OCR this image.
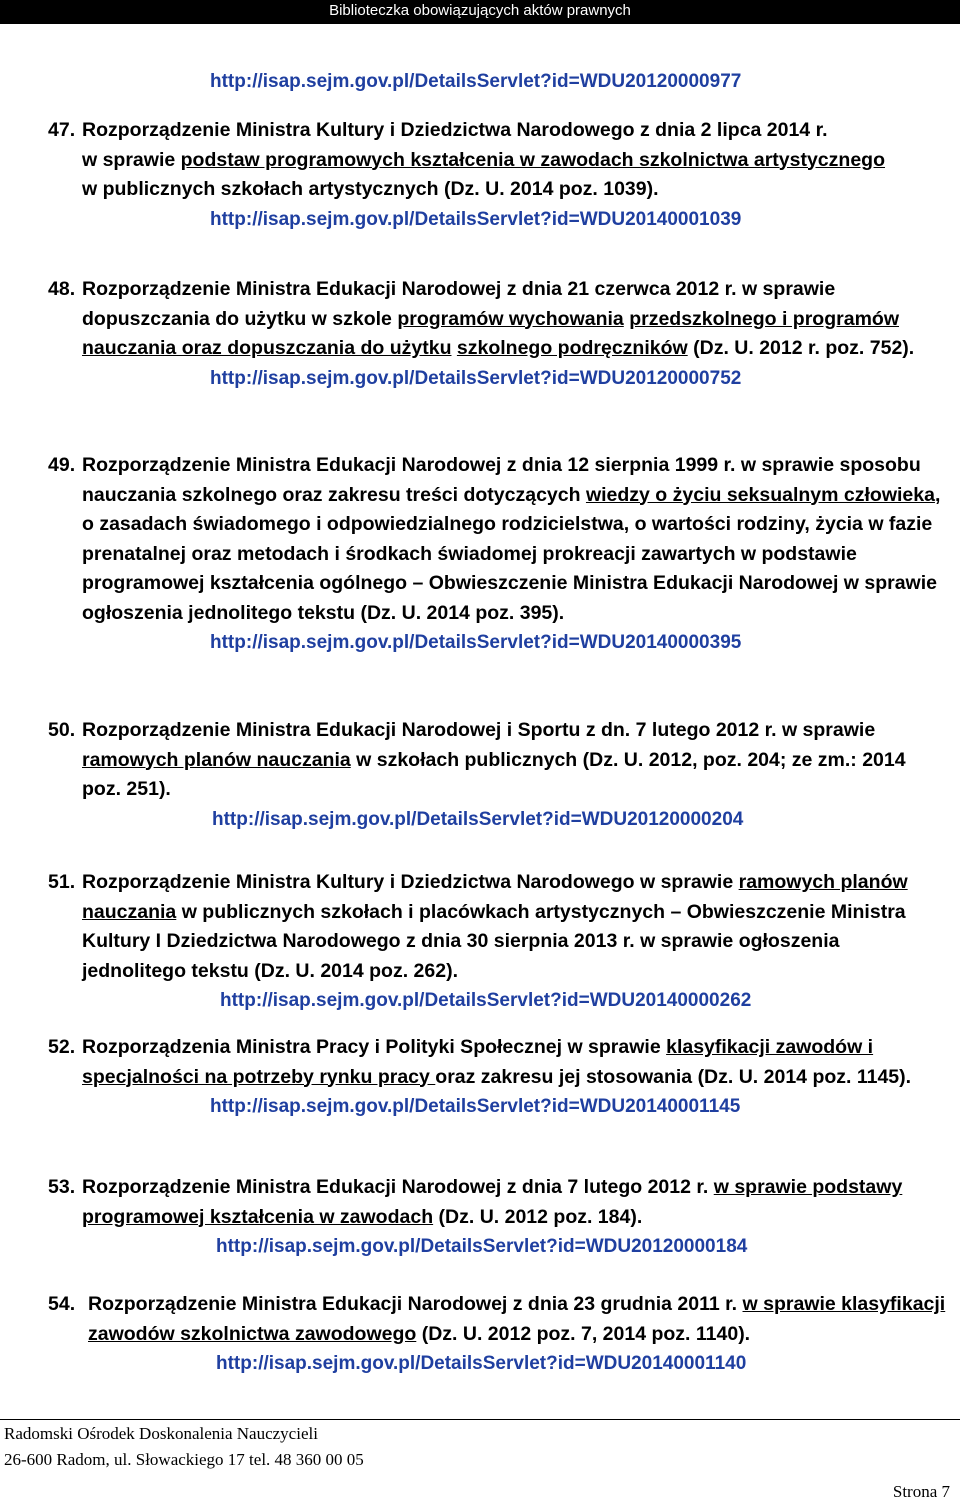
Biblioteczka obowiązujących aktów prawnych
http://isap.sejm.gov.pl/DetailsServlet?id=WDU20120000977
47. Rozporządzenie Ministra Kultury i Dziedzictwa Narodowego z dnia 2 lipca 2014 r.
w sprawie podstaw programowych kształcenia w zawodach szkolnictwa artystycznego
w publicznych szkołach artystycznych (Dz. U. 2014 poz. 1039).
http://isap.sejm.gov.pl/DetailsServlet?id=WDU20140001039
48. Rozporządzenie Ministra Edukacji Narodowej z dnia 21 czerwca 2012 r. w sprawie dopuszczania do użytku w szkole programów wychowania przedszkolnego i programów nauczania oraz dopuszczania do użytku szkolnego podręczników (Dz. U. 2012 r. poz. 752).
http://isap.sejm.gov.pl/DetailsServlet?id=WDU20120000752
49. Rozporządzenie Ministra Edukacji Narodowej z dnia 12 sierpnia 1999 r. w sprawie sposobu nauczania szkolnego oraz zakresu treści dotyczących wiedzy o życiu seksualnym człowieka, o zasadach świadomego i odpowiedzialnego rodzicielstwa, o wartości rodziny, życia w fazie prenatalnej oraz metodach i środkach świadomej prokreacji zawartych w podstawie programowej kształcenia ogólnego – Obwieszczenie Ministra Edukacji Narodowej w sprawie ogłoszenia jednolitego tekstu (Dz. U. 2014 poz. 395).
http://isap.sejm.gov.pl/DetailsServlet?id=WDU20140000395
50. Rozporządzenie Ministra Edukacji Narodowej i Sportu z dn. 7 lutego 2012 r. w sprawie ramowych planów nauczania w szkołach publicznych (Dz. U. 2012, poz. 204; ze zm.: 2014 poz. 251).
http://isap.sejm.gov.pl/DetailsServlet?id=WDU20120000204
51. Rozporządzenie Ministra Kultury i Dziedzictwa Narodowego w sprawie ramowych planów nauczania w publicznych szkołach i placówkach artystycznych – Obwieszczenie Ministra Kultury I Dziedzictwa Narodowego z dnia 30 sierpnia 2013 r. w sprawie ogłoszenia jednolitego tekstu (Dz. U. 2014 poz. 262).
http://isap.sejm.gov.pl/DetailsServlet?id=WDU20140000262
52. Rozporządzenia Ministra Pracy i Polityki Społecznej w sprawie klasyfikacji zawodów i specjalności na potrzeby rynku pracy oraz zakresu jej stosowania (Dz. U. 2014 poz. 1145).
http://isap.sejm.gov.pl/DetailsServlet?id=WDU20140001145
53. Rozporządzenie Ministra Edukacji Narodowej z dnia 7 lutego 2012 r. w sprawie podstawy programowej kształcenia w zawodach (Dz. U. 2012 poz. 184).
http://isap.sejm.gov.pl/DetailsServlet?id=WDU20120000184
54. Rozporządzenie Ministra Edukacji Narodowej z dnia 23 grudnia 2011 r. w sprawie klasyfikacji zawodów szkolnictwa zawodowego (Dz. U. 2012 poz. 7, 2014 poz. 1140).
http://isap.sejm.gov.pl/DetailsServlet?id=WDU20140001140
Radomski Ośrodek Doskonalenia Nauczycieli
26-600 Radom, ul. Słowackiego 17 tel. 48 360 00 05
Strona 7
